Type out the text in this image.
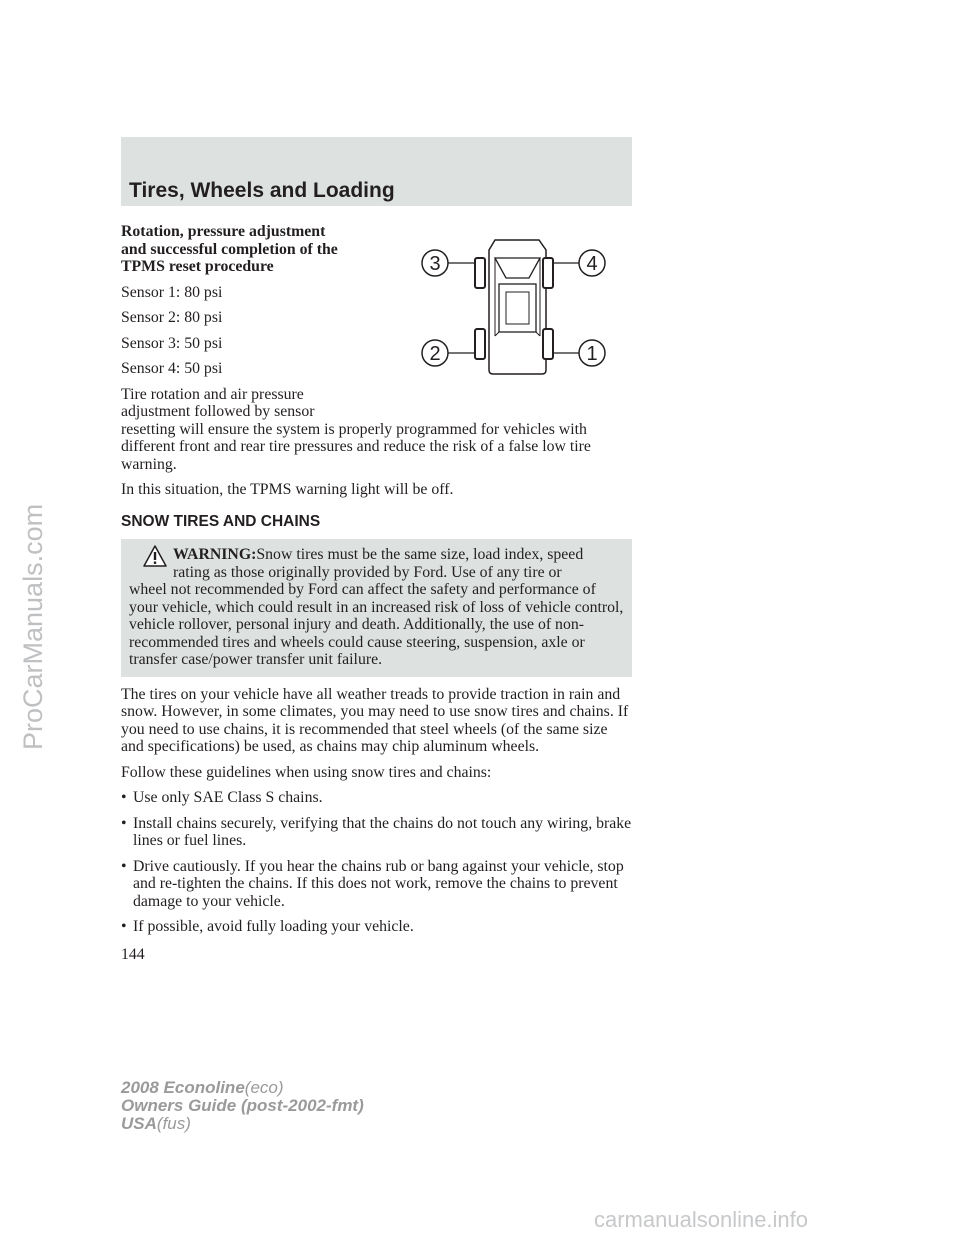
Tires, Wheels and Loading
3	4
2	1
Rotation, pressure adjustment
and successful completion of the
TPMS reset procedure
Sensor 1: 80 psi
Sensor 2: 80 psi
Sensor 3: 50 psi
Sensor 4: 50 psi
Tire rotation and air pressure
adjustment followed by sensor
resetting will ensure the system is properly programmed for vehicles with different front and rear tire pressures and reduce the risk of a false low tire warning.
In this situation, the TPMS warning light will be off.
SNOW TIRES AND CHAINS
WARNING:Snow tires must be the same size, load index, speed
rating as those originally provided by Ford. Use of any tire or
wheel not recommended by Ford can affect the safety and performance of your vehicle, which could result in an increased risk of loss of vehicle control, vehicle rollover, personal injury and death. Additionally, the use of non-recommended tires and wheels could cause steering, suspension, axle or transfer case/power transfer unit failure.
The tires on your vehicle have all weather treads to provide traction in rain and snow. However, in some climates, you may need to use snow tires and chains. If you need to use chains, it is recommended that steel wheels (of the same size and specifications) be used, as chains may chip aluminum wheels.
Follow these guidelines when using snow tires and chains:
• Use only SAE Class S chains.
• Install chains securely, verifying that the chains do not touch any wiring, brake lines or fuel lines.
• Drive cautiously. If you hear the chains rub or bang against your vehicle, stop and re-tighten the chains. If this does not work, remove the chains to prevent damage to your vehicle.
• If possible, avoid fully loading your vehicle.
144
2008 Econoline(eco)
Owners Guide (post-2002-fmt)
USA(fus)
ProCarManuals.com
carmanualsonline.info
